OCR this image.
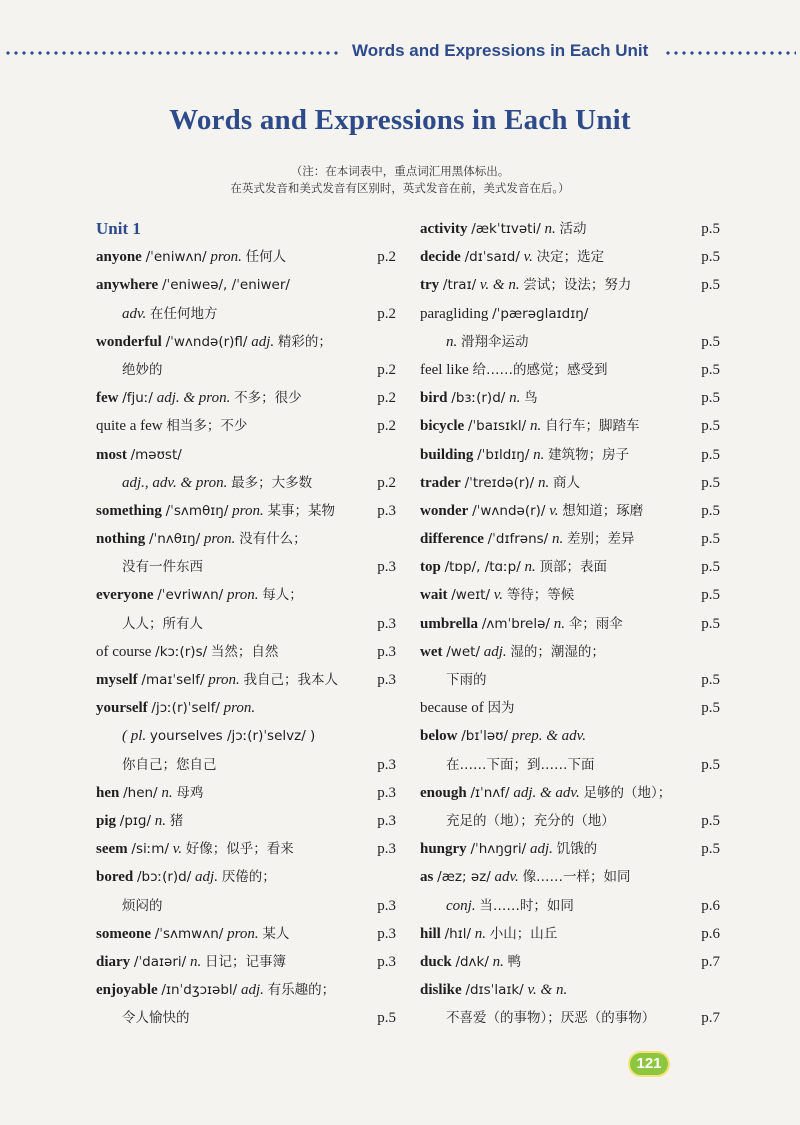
Words and Expressions in Each Unit
Words and Expressions in Each Unit
（注：在本词表中，重点词汇用黑体标出。
在英式发音和美式发音有区别时，英式发音在前，美式发音在后。）
Unit 1
anyone /ˈeniwʌn/ pron. 任何人	p.2
anywhere /ˈeniweə/, /ˈeniwer/
adv. 在任何地方	p.2
wonderful /ˈwʌndə(r)fl/ adj. 精彩的；
绝妙的	p.2
few /fjuː/ adj. & pron. 不多；很少	p.2
quite a few 相当多；不少	p.2
most /məʊst/
adj., adv. & pron. 最多；大多数	p.2
something /ˈsʌmθɪŋ/ pron. 某事；某物	p.3
nothing /ˈnʌθɪŋ/ pron. 没有什么；
没有一件东西	p.3
everyone /ˈevriwʌn/ pron. 每人；
人人；所有人	p.3
of course /kɔː(r)s/ 当然；自然	p.3
myself /maɪˈself/ pron. 我自己；我本人	p.3
yourself /jɔː(r)ˈself/ pron.
( pl. yourselves /jɔː(r)ˈselvz/ )
你自己；您自己	p.3
hen /hen/ n. 母鸡	p.3
pig /pɪɡ/ n. 猪	p.3
seem /siːm/ v. 好像；似乎；看来	p.3
bored /bɔː(r)d/ adj. 厌倦的；
烦闷的	p.3
someone /ˈsʌmwʌn/ pron. 某人	p.3
diary /ˈdaɪəri/ n. 日记；记事簿	p.3
enjoyable /ɪnˈdʒɔɪəbl/ adj. 有乐趣的；
令人愉快的	p.5
activity /ækˈtɪvəti/ n. 活动	p.5
decide /dɪˈsaɪd/ v. 决定；选定	p.5
try /traɪ/ v. & n. 尝试；设法；努力	p.5
paragliding /ˈpærəɡlaɪdɪŋ/
n. 滑翔伞运动	p.5
feel like 给……的感觉；感受到	p.5
bird /bɜː(r)d/ n. 鸟	p.5
bicycle /ˈbaɪsɪkl/ n. 自行车；脚踏车	p.5
building /ˈbɪldɪŋ/ n. 建筑物；房子	p.5
trader /ˈtreɪdə(r)/ n. 商人	p.5
wonder /ˈwʌndə(r)/ v. 想知道；琢磨	p.5
difference /ˈdɪfrəns/ n. 差别；差异	p.5
top /tɒp/, /tɑːp/ n. 顶部；表面	p.5
wait /weɪt/ v. 等待；等候	p.5
umbrella /ʌmˈbrelə/ n. 伞；雨伞	p.5
wet /wet/ adj. 湿的；潮湿的；
下雨的	p.5
because of 因为	p.5
below /bɪˈləʊ/ prep. & adv.
在……下面；到……下面	p.5
enough /ɪˈnʌf/ adj. & adv. 足够的（地）；
充足的（地）；充分的（地）	p.5
hungry /ˈhʌŋɡri/ adj. 饥饿的	p.5
as /æz; əz/ adv. 像……一样；如同
conj. 当……时；如同	p.6
hill /hɪl/ n. 小山；山丘	p.6
duck /dʌk/ n. 鸭	p.7
dislike /dɪsˈlaɪk/ v. & n.
不喜爱（的事物）；厌恶（的事物）	p.7
121
